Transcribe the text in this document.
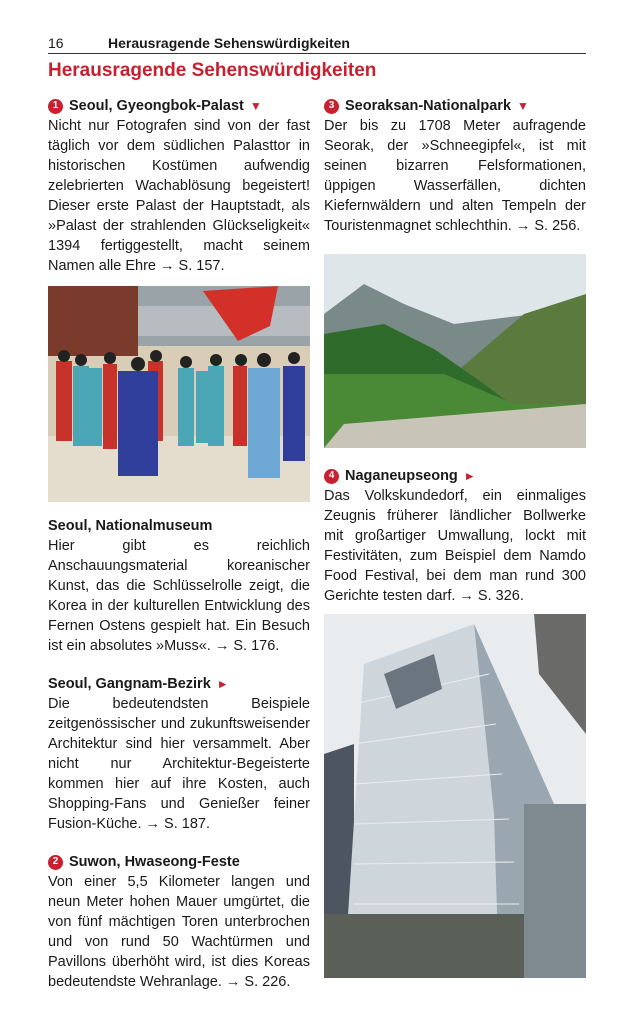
16	Herausragende Sehenswürdigkeiten
Herausragende Sehenswürdigkeiten
1 Seoul, Gyeongbok-Palast ▼

Nicht nur Fotografen sind von der fast täglich vor dem südlichen Palasttor in historischen Kostümen aufwendig zelebrierten Wachablösung begeistert! Dieser erste Palast der Hauptstadt, als »Palast der strahlenden Glückseligkeit« 1394 fertiggestellt, macht seinem Namen alle Ehre → S. 157.

Seoul, Nationalmuseum

Hier gibt es reichlich Anschauungsmaterial koreanischer Kunst, das die Schlüsselrolle zeigt, die Korea in der kulturellen Entwicklung des Fernen Ostens gespielt hat. Ein Besuch ist ein absolutes »Muss«. → S. 176.

Seoul, Gangnam-Bezirk ►

Die bedeutendsten Beispiele zeitgenössischer und zukunftsweisender Architektur sind hier versammelt. Aber nicht nur Architektur-Begeisterte kommen hier auf ihre Kosten, auch Shopping-Fans und Genießer feiner Fusion-Küche. → S. 187.

2 Suwon, Hwaseong-Feste

Von einer 5,5 Kilometer langen und neun Meter hohen Mauer umgürtet, die von fünf mächtigen Toren unterbrochen und von rund 50 Wachtürmen und Pavillons überhöht wird, ist dies Koreas bedeutendste Wehranlage. → S. 226.

3 Seoraksan-Nationalpark ▼

Der bis zu 1708 Meter aufragende Seorak, der »Schneegipfel«, ist mit seinen bizarren Felsformationen, üppigen Wasserfällen, dichten Kiefernwäldern und alten Tempeln der Touristenmagnet schlechthin. → S. 256.

4 Naganeupseong ►

Das Volkskundedorf, ein einmaliges Zeugnis früherer ländlicher Bollwerke mit großartiger Umwallung, lockt mit Festivitäten, zum Beispiel dem Namdo Food Festival, bei dem man rund 300 Gerichte testen darf. → S. 326.
